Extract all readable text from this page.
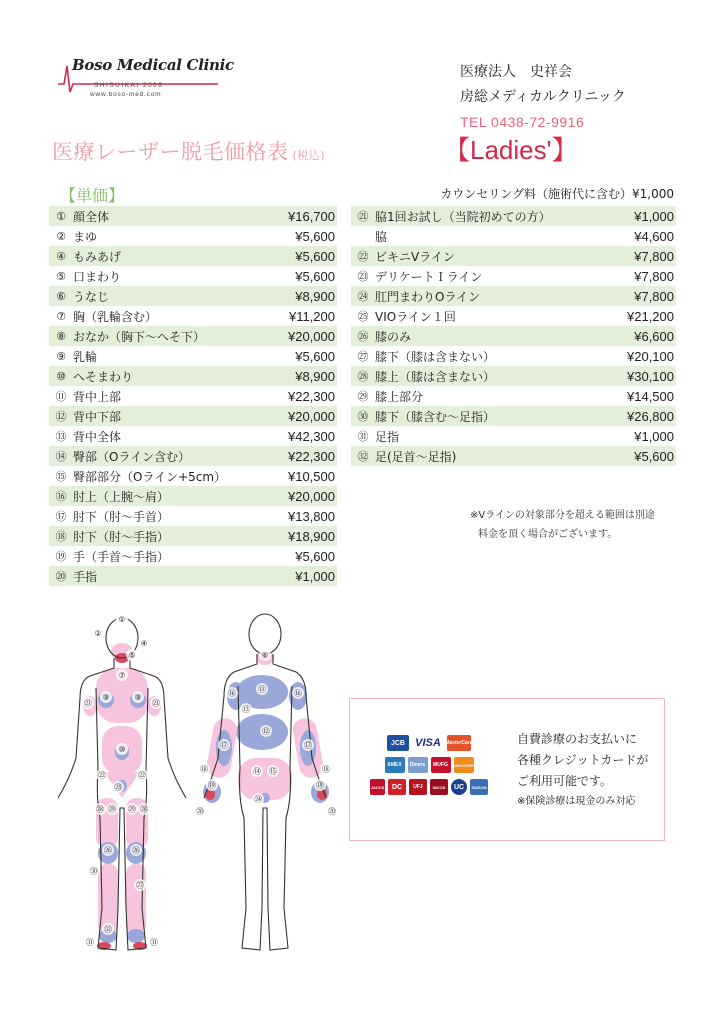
Boso Medical Clinic
SHISUIKAI 2008
www.boso-med.com
医療法人　史祥会
房総メディカルクリニック
TEL 0438-72-9916
医療レーザー脱毛価格表 (税込)	【Ladies'】
【単価】	カウンセリング料（施術代に含む）¥1,000
① 顔全体	¥16,700
② まゆ	¥5,600
④ もみあげ	¥5,600
⑤ 口まわり	¥5,600
⑥ うなじ	¥8,900
⑦ 胸（乳輪含む）	¥11,200
⑧ おなか（胸下～へそ下）	¥20,000
⑨ 乳輪	¥5,600
⑩ へそまわり	¥8,900
⑪ 背中上部	¥22,300
⑫ 背中下部	¥20,000
⑬ 背中全体	¥42,300
⑭ 臀部（Oライン含む）	¥22,300
⑮ 臀部部分（Oライン+5cm）	¥10,500
⑯ 肘上（上腕～肩）	¥20,000
⑰ 肘下（肘～手首）	¥13,800
⑱ 肘下（肘～手指）	¥18,900
⑲ 手（手首～手指）	¥5,600
⑳ 手指	¥1,000
㉑ 脇1回お試し（当院初めての方）	¥1,000
脇	¥4,600
㉒ ビキニVライン	¥7,800
㉓ デリケートＩライン	¥7,800
㉔ 肛門まわりOライン	¥7,800
㉕ VIOライン１回	¥21,200
㉖ 膝のみ	¥6,600
㉗ 膝下（膝は含まない）	¥20,100
㉘ 膝上（膝は含まない）	¥30,100
㉙ 膝上部分	¥14,500
㉚ 膝下（膝含む～足指）	¥26,800
㉛ 足指	¥1,000
㉜ 足(足首～足指)	¥5,600
※Vラインの対象部分を超える範囲は別途
料金を頂く場合がございます。
①
②
④
⑤
⑦
⑨	⑨
⑩
㉑	㉑
㉒	㉒
㉓
㉘	㉘
㉙ ㉙
㉖	㉖
㉚
㉗
㉜
㉛	㉛
⑥
⑪
⑯	⑯
⑬
⑫
⑰	⑰
⑱	⑱
⑭ ⑮
⑲	⑲
㉔
⑳	⑳
JCB VISA MasterCard
AMEX	Diners	MUFG	DISCOVER
JACCS	DC	UFJ	NICOS	UC	SAISON
自費診療のお支払いに
各種クレジットカードが
ご利用可能です。
※保険診療は現金のみ対応
